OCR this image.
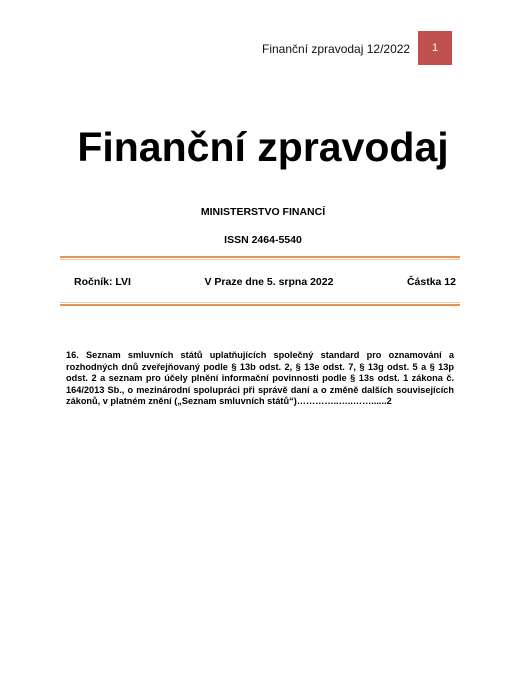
Finanční zpravodaj 12/2022 1
Finanční zpravodaj
MINISTERSTVO FINANCÍ
ISSN 2464-5540
Ročník: LVI	V Praze dne 5. srpna 2022	Částka 12
16. Seznam smluvních států uplatňujících společný standard pro oznamování a rozhodných dnů zveřejňovaný podle § 13b odst. 2, § 13e odst. 7, § 13g odst. 5 a § 13p odst. 2 a seznam pro účely plnění informační povinnosti podle § 13s odst. 1 zákona č. 164/2013 Sb., o mezinárodní spolupráci při správě daní a o změně dalších souvisejících zákonů, v platném znění („Seznam smluvních států“)…………..…..……......2
